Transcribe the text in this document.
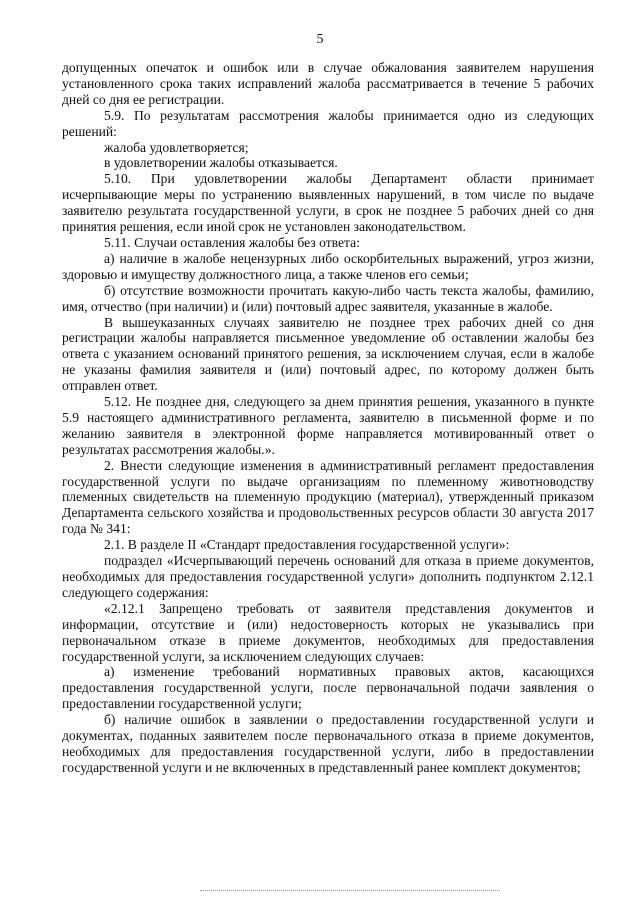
5

допущенных опечаток и ошибок или в случае обжалования заявителем нарушения установленного срока таких исправлений жалоба рассматривается в течение 5 рабочих дней со дня ее регистрации.

5.9. По результатам рассмотрения жалобы принимается одно из следующих решений:

жалоба удовлетворяется;

в удовлетворении жалобы отказывается.

5.10. При удовлетворении жалобы Департамент области принимает исчерпывающие меры по устранению выявленных нарушений, в том числе по выдаче заявителю результата государственной услуги, в срок не позднее 5 рабочих дней со дня принятия решения, если иной срок не установлен законодательством.

5.11. Случаи оставления жалобы без ответа:

а) наличие в жалобе нецензурных либо оскорбительных выражений, угроз жизни, здоровью и имуществу должностного лица, а также членов его семьи;

б) отсутствие возможности прочитать какую-либо часть текста жалобы, фамилию, имя, отчество (при наличии) и (или) почтовый адрес заявителя, указанные в жалобе.

В вышеуказанных случаях заявителю не позднее трех рабочих дней со дня регистрации жалобы направляется письменное уведомление об оставлении жалобы без ответа с указанием оснований принятого решения, за исключением случая, если в жалобе не указаны фамилия заявителя и (или) почтовый адрес, по которому должен быть отправлен ответ.

5.12. Не позднее дня, следующего за днем принятия решения, указанного в пункте 5.9 настоящего административного регламента, заявителю в письменной форме и по желанию заявителя в электронной форме направляется мотивированный ответ о результатах рассмотрения жалобы.».

2. Внести следующие изменения в административный регламент предоставления государственной услуги по выдаче организациям по племенному животноводству племенных свидетельств на племенную продукцию (материал), утвержденный приказом Департамента сельского хозяйства и продовольственных ресурсов области 30 августа 2017 года № 341:

2.1. В разделе II «Стандарт предоставления государственной услуги»:

подраздел «Исчерпывающий перечень оснований для отказа в приеме документов, необходимых для предоставления государственной услуги» дополнить подпунктом 2.12.1 следующего содержания:

«2.12.1 Запрещено требовать от заявителя представления документов и информации, отсутствие и (или) недостоверность которых не указывались при первоначальном отказе в приеме документов, необходимых для предоставления государственной услуги, за исключением следующих случаев:

а) изменение требований нормативных правовых актов, касающихся предоставления государственной услуги, после первоначальной подачи заявления о предоставлении государственной услуги;

б) наличие ошибок в заявлении о предоставлении государственной услуги и документах, поданных заявителем после первоначального отказа в приеме документов, необходимых для предоставления государственной услуги, либо в предоставлении государственной услуги и не включенных в представленный ранее комплект документов;
